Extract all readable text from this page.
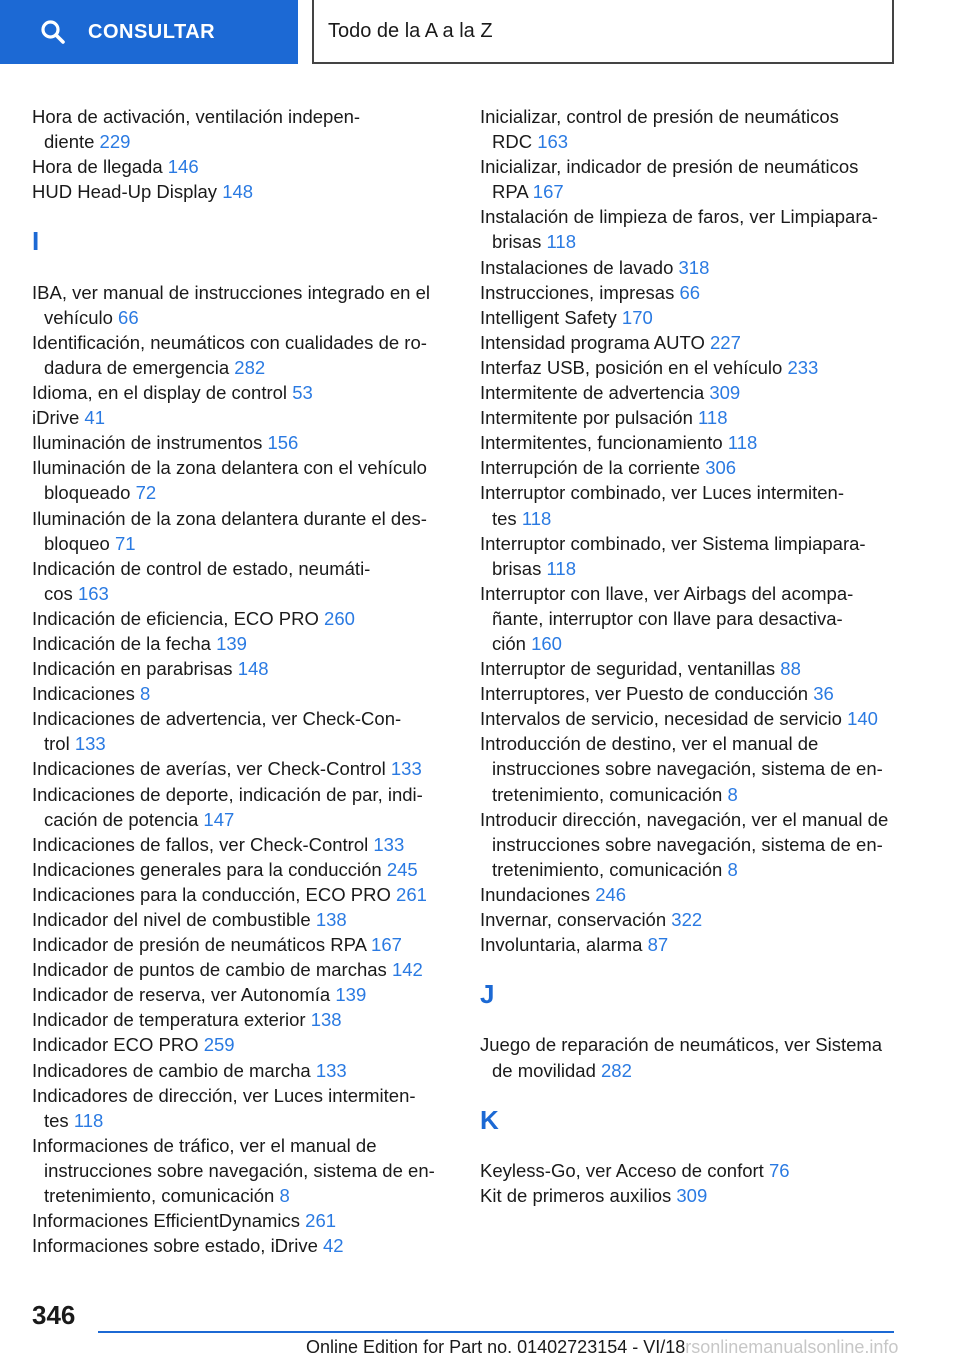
CONSULTAR	Todo de la A a la Z

Hora de activación, ventilación indepen-
diente 229

Hora de llegada 146

HUD Head-Up Display 148

I

IBA, ver manual de instrucciones integrado en el
vehículo 66

Identificación, neumáticos con cualidades de ro-
dadura de emergencia 282

Idioma, en el display de control 53

iDrive 41

Iluminación de instrumentos 156

Iluminación de la zona delantera con el vehículo
bloqueado 72

Iluminación de la zona delantera durante el des-
bloqueo 71

Indicación de control de estado, neumáti-
cos 163

Indicación de eficiencia, ECO PRO 260

Indicación de la fecha 139

Indicación en parabrisas 148

Indicaciones 8

Indicaciones de advertencia, ver Check-Con-
trol 133

Indicaciones de averías, ver Check-Control 133

Indicaciones de deporte, indicación de par, indi-
cación de potencia 147

Indicaciones de fallos, ver Check-Control 133

Indicaciones generales para la conducción 245

Indicaciones para la conducción, ECO PRO 261

Indicador del nivel de combustible 138

Indicador de presión de neumáticos RPA 167

Indicador de puntos de cambio de marchas 142

Indicador de reserva, ver Autonomía 139

Indicador de temperatura exterior 138

Indicador ECO PRO 259

Indicadores de cambio de marcha 133

Indicadores de dirección, ver Luces intermiten-
tes 118

Informaciones de tráfico, ver el manual de
instrucciones sobre navegación, sistema de en-
tretenimiento, comunicación 8

Informaciones EfficientDynamics 261

Informaciones sobre estado, iDrive 42

Inicializar, control de presión de neumáticos
RDC 163

Inicializar, indicador de presión de neumáticos
RPA 167

Instalación de limpieza de faros, ver Limpiapara-
brisas 118

Instalaciones de lavado 318

Instrucciones, impresas 66

Intelligent Safety 170

Intensidad programa AUTO 227

Interfaz USB, posición en el vehículo 233

Intermitente de advertencia 309

Intermitente por pulsación 118

Intermitentes, funcionamiento 118

Interrupción de la corriente 306

Interruptor combinado, ver Luces intermiten-
tes 118

Interruptor combinado, ver Sistema limpiapara-
brisas 118

Interruptor con llave, ver Airbags del acompa-
ñante, interruptor con llave para desactiva-
ción 160

Interruptor de seguridad, ventanillas 88

Interruptores, ver Puesto de conducción 36

Intervalos de servicio, necesidad de servicio 140

Introducción de destino, ver el manual de
instrucciones sobre navegación, sistema de en-
tretenimiento, comunicación 8

Introducir dirección, navegación, ver el manual de
instrucciones sobre navegación, sistema de en-
tretenimiento, comunicación 8

Inundaciones 246

Invernar, conservación 322

Involuntaria, alarma 87

J

Juego de reparación de neumáticos, ver Sistema
de movilidad 282

K

Keyless-Go, ver Acceso de confort 76

Kit de primeros auxilios 309

346
Online Edition for Part no. 01402723154 - VI/18rsonlinemanualsonline.info
